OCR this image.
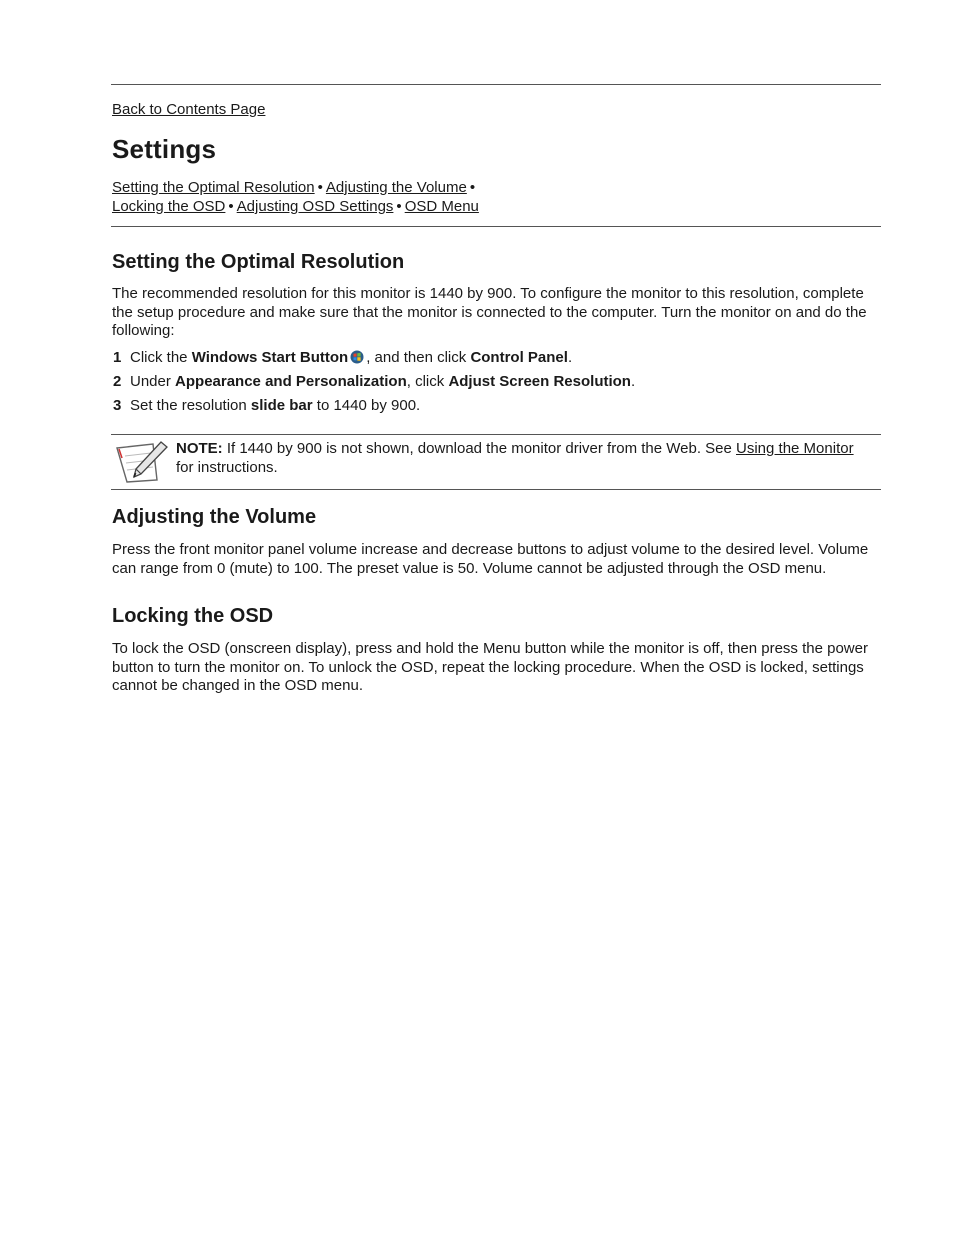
Back to Contents Page
Settings
Setting the Optimal Resolution • Adjusting the Volume •
Locking the OSD • Adjusting OSD Settings • OSD Menu
Setting the Optimal Resolution

The recommended resolution for this monitor is 1440 by 900. To configure the monitor to this resolution, complete the setup procedure and make sure that the monitor is connected to the computer. Turn the monitor on and do the following:

1 Click the Windows Start Button , and then click Control Panel.
2 Under Appearance and Personalization, click Adjust Screen Resolution.
3 Set the resolution slide bar to 1440 by 900.
NOTE: If 1440 by 900 is not shown, download the monitor driver from the Web. See Using the Monitor for instructions.
Adjusting the Volume

Press the front monitor panel volume increase and decrease buttons to adjust volume to the desired level. Volume can range from 0 (mute) to 100. The preset value is 50. Volume cannot be adjusted through the OSD menu.

Locking the OSD

To lock the OSD (onscreen display), press and hold the Menu button while the monitor is off, then press the power button to turn the monitor on. To unlock the OSD, repeat the locking procedure. When the OSD is locked, settings cannot be changed in the OSD menu.
